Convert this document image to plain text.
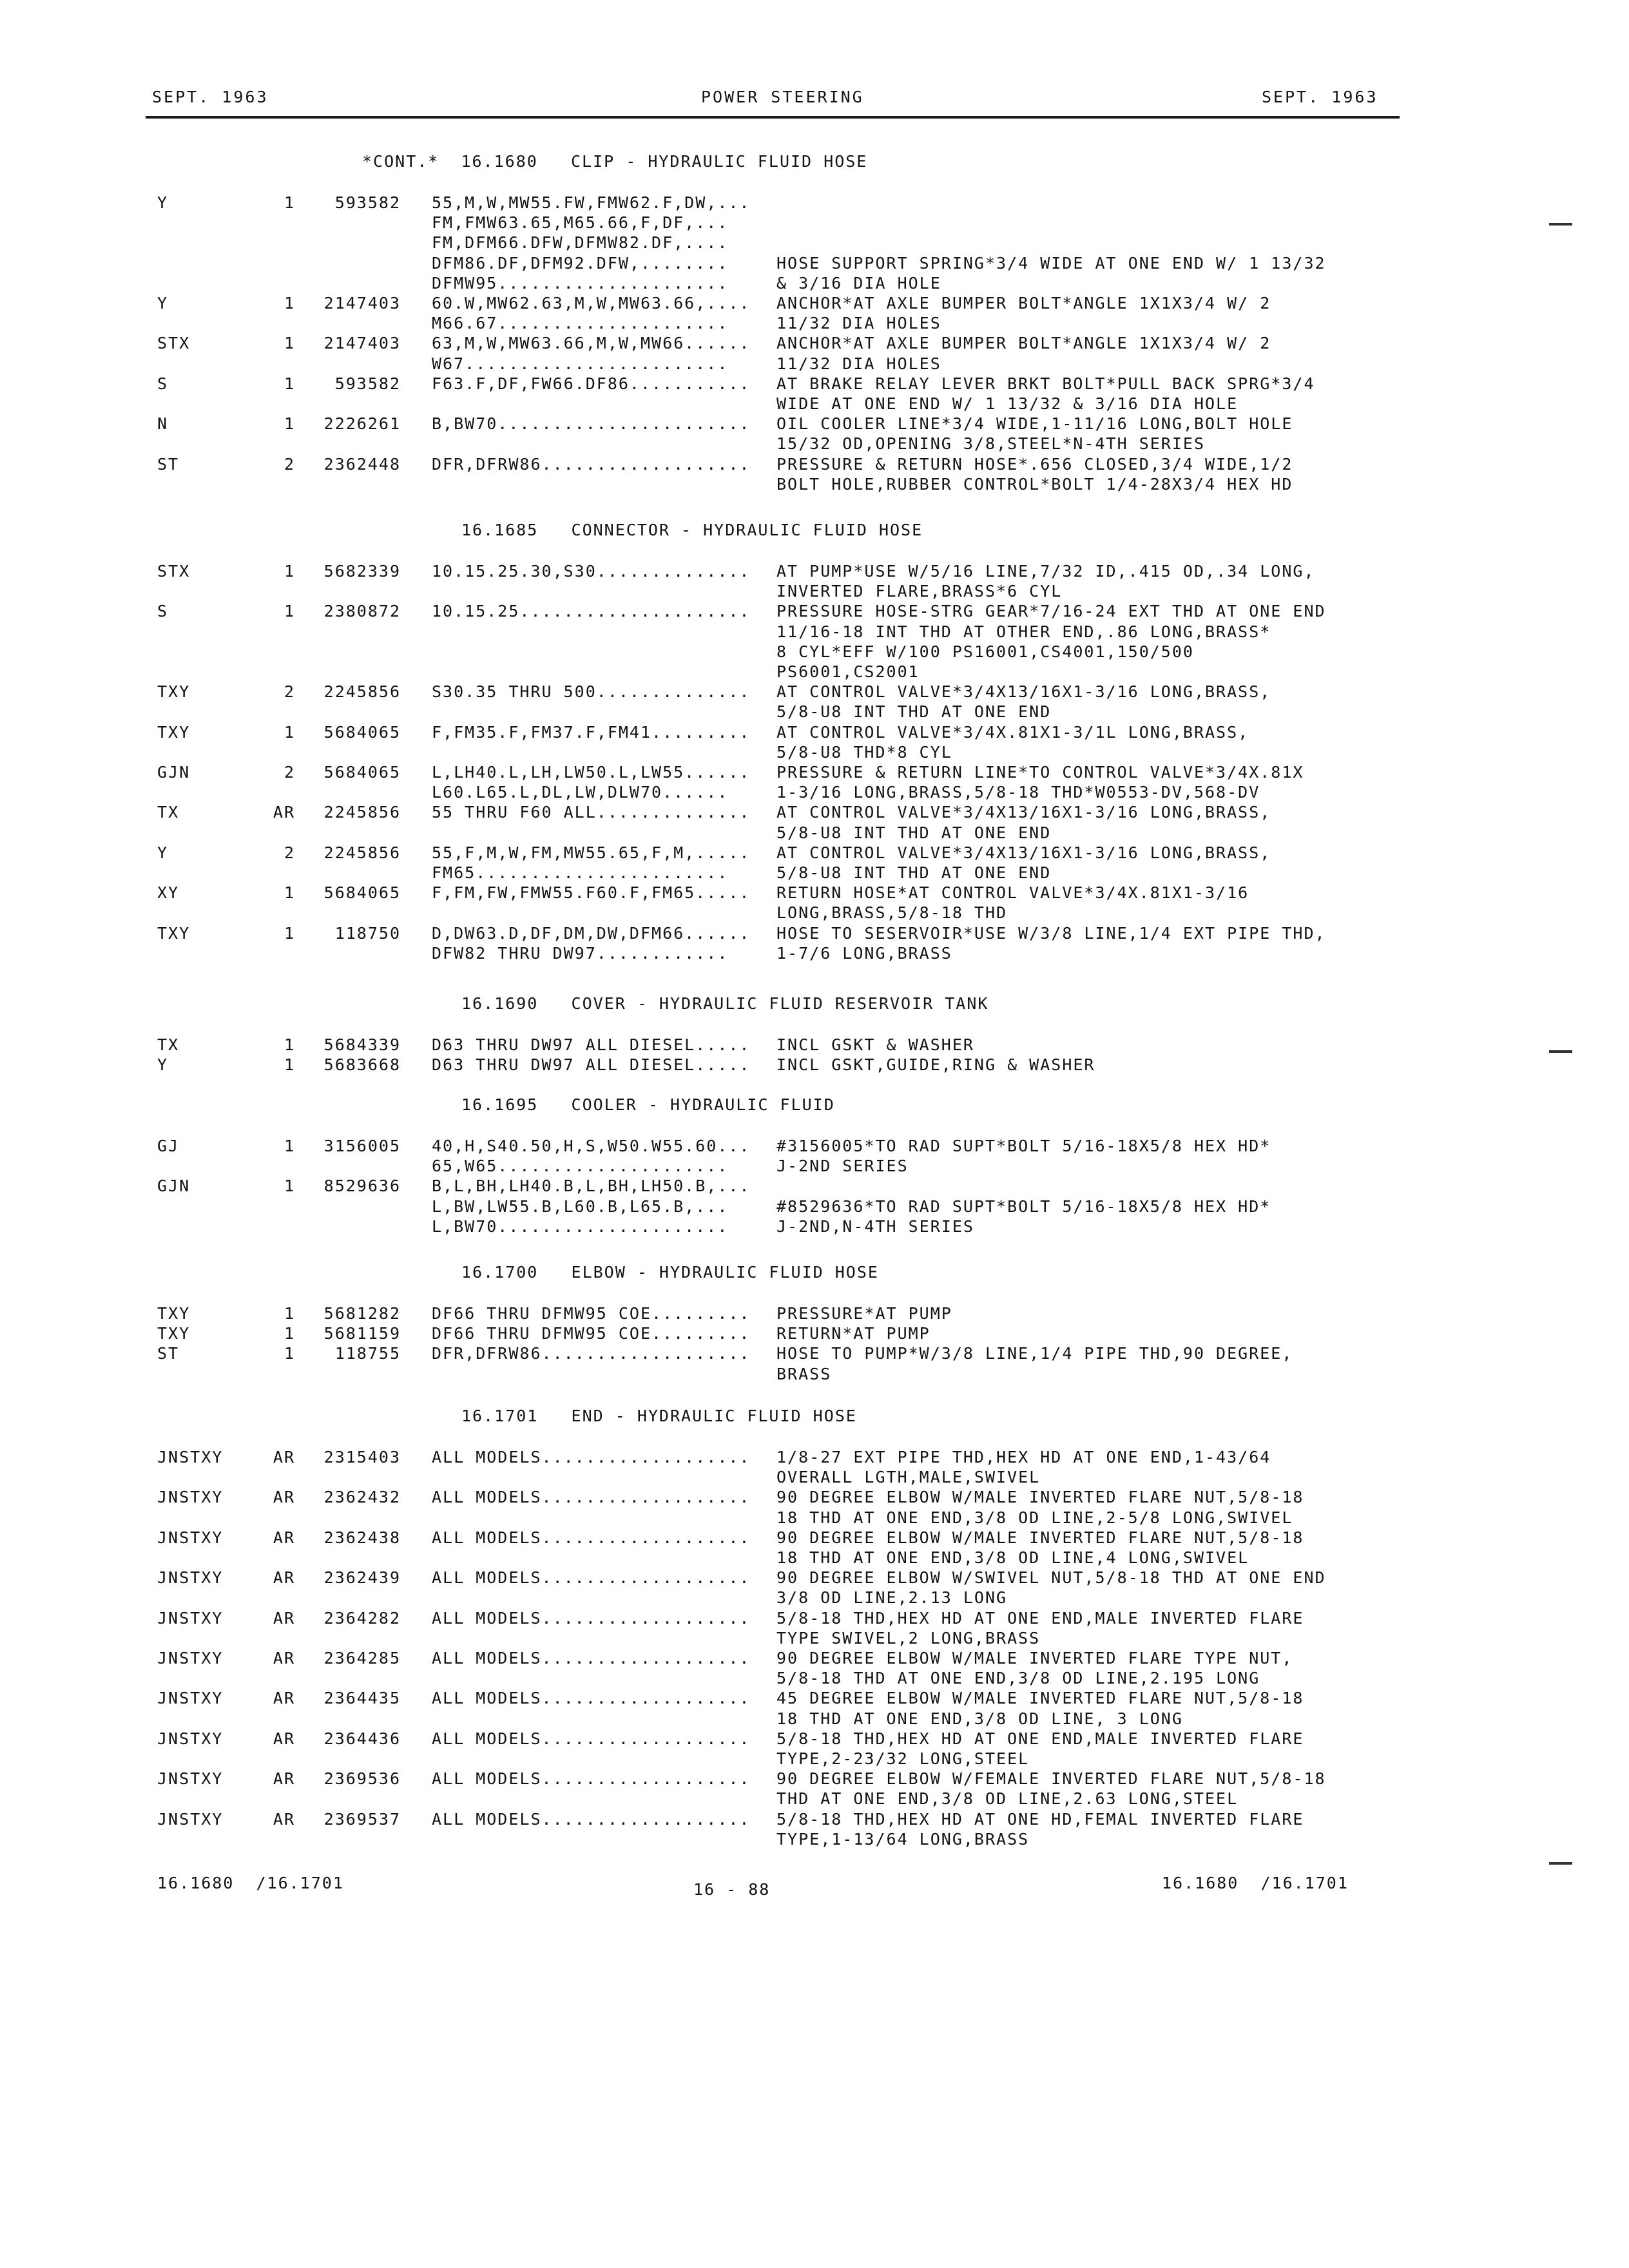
SEPT. 1963	POWER STEERING	SEPT. 1963
*CONT.*  16.1680   CLIP - HYDRAULIC FLUID HOSE
Y	1 593582 55,M,W,MW55.FW,FMW62.F,DW,...
FM,FMW63.65,M65.66,F,DF,...
FM,DFM66.DFW,DFMW82.DF,....
DFM86.DF,DFM92.DFW,........	HOSE SUPPORT SPRING*3/4 WIDE AT ONE END W/ 1 13/32
DFMW95.....................	& 3/16 DIA HOLE
Y	1 2147403 60.W,MW62.63,M,W,MW63.66,.... ANCHOR*AT AXLE BUMPER BOLT*ANGLE 1X1X3/4 W/ 2
M66.67.....................	11/32 DIA HOLES
STX	1 2147403 63,M,W,MW63.66,M,W,MW66...... ANCHOR*AT AXLE BUMPER BOLT*ANGLE 1X1X3/4 W/ 2
W67........................	11/32 DIA HOLES
S	1 593582 F63.F,DF,FW66.DF86........... AT BRAKE RELAY LEVER BRKT BOLT*PULL BACK SPRG*3/4
WIDE AT ONE END W/ 1 13/32 & 3/16 DIA HOLE
N	1 2226261 B,BW70....................... OIL COOLER LINE*3/4 WIDE,1-11/16 LONG,BOLT HOLE
15/32 OD,OPENING 3/8,STEEL*N-4TH SERIES
ST	2 2362448 DFR,DFRW86................... PRESSURE & RETURN HOSE*.656 CLOSED,3/4 WIDE,1/2
BOLT HOLE,RUBBER CONTROL*BOLT 1/4-28X3/4 HEX HD
16.1685   CONNECTOR - HYDRAULIC FLUID HOSE
STX	1 5682339 10.15.25.30,S30.............. AT PUMP*USE W/5/16 LINE,7/32 ID,.415 OD,.34 LONG,
INVERTED FLARE,BRASS*6 CYL
S	1 2380872 10.15.25..................... PRESSURE HOSE-STRG GEAR*7/16-24 EXT THD AT ONE END
11/16-18 INT THD AT OTHER END,.86 LONG,BRASS*
8 CYL*EFF W/100 PS16001,CS4001,150/500
PS6001,CS2001
TXY	2 2245856 S30.35 THRU 500.............. AT CONTROL VALVE*3/4X13/16X1-3/16 LONG,BRASS,
5/8-U8 INT THD AT ONE END
TXY	1 5684065 F,FM35.F,FM37.F,FM41......... AT CONTROL VALVE*3/4X.81X1-3/1L LONG,BRASS,
5/8-U8 THD*8 CYL
GJN	2 5684065 L,LH40.L,LH,LW50.L,LW55...... PRESSURE & RETURN LINE*TO CONTROL VALVE*3/4X.81X
L60.L65.L,DL,LW,DLW70......	1-3/16 LONG,BRASS,5/8-18 THD*W0553-DV,568-DV
TX	AR 2245856 55 THRU F60 ALL.............. AT CONTROL VALVE*3/4X13/16X1-3/16 LONG,BRASS,
5/8-U8 INT THD AT ONE END
Y	2 2245856 55,F,M,W,FM,MW55.65,F,M,..... AT CONTROL VALVE*3/4X13/16X1-3/16 LONG,BRASS,
FM65.......................	5/8-U8 INT THD AT ONE END
XY	1 5684065 F,FM,FW,FMW55.F60.F,FM65..... RETURN HOSE*AT CONTROL VALVE*3/4X.81X1-3/16
LONG,BRASS,5/8-18 THD
TXY	1 118750 D,DW63.D,DF,DM,DW,DFM66...... HOSE TO SESERVOIR*USE W/3/8 LINE,1/4 EXT PIPE THD,
DFW82 THRU DW97............	1-7/6 LONG,BRASS
16.1690   COVER - HYDRAULIC FLUID RESERVOIR TANK
TX	1 5684339 D63 THRU DW97 ALL DIESEL..... INCL GSKT & WASHER
Y	1 5683668 D63 THRU DW97 ALL DIESEL..... INCL GSKT,GUIDE,RING & WASHER
16.1695   COOLER - HYDRAULIC FLUID
GJ	1 3156005 40,H,S40.50,H,S,W50.W55.60... #3156005*TO RAD SUPT*BOLT 5/16-18X5/8 HEX HD*
65,W65.....................	J-2ND SERIES
GJN	1 8529636 B,L,BH,LH40.B,L,BH,LH50.B,...
L,BW,LW55.B,L60.B,L65.B,...	#8529636*TO RAD SUPT*BOLT 5/16-18X5/8 HEX HD*
L,BW70.....................	J-2ND,N-4TH SERIES
16.1700   ELBOW - HYDRAULIC FLUID HOSE
TXY	1 5681282 DF66 THRU DFMW95 COE......... PRESSURE*AT PUMP
TXY	1 5681159 DF66 THRU DFMW95 COE......... RETURN*AT PUMP
ST	1 118755 DFR,DFRW86................... HOSE TO PUMP*W/3/8 LINE,1/4 PIPE THD,90 DEGREE,
BRASS
16.1701   END - HYDRAULIC FLUID HOSE
JNSTXY	AR 2315403 ALL MODELS................... 1/8-27 EXT PIPE THD,HEX HD AT ONE END,1-43/64
OVERALL LGTH,MALE,SWIVEL
JNSTXY	AR 2362432 ALL MODELS................... 90 DEGREE ELBOW W/MALE INVERTED FLARE NUT,5/8-18
18 THD AT ONE END,3/8 OD LINE,2-5/8 LONG,SWIVEL
JNSTXY	AR 2362438 ALL MODELS................... 90 DEGREE ELBOW W/MALE INVERTED FLARE NUT,5/8-18
18 THD AT ONE END,3/8 OD LINE,4 LONG,SWIVEL
JNSTXY	AR 2362439 ALL MODELS................... 90 DEGREE ELBOW W/SWIVEL NUT,5/8-18 THD AT ONE END
3/8 OD LINE,2.13 LONG
JNSTXY	AR 2364282 ALL MODELS................... 5/8-18 THD,HEX HD AT ONE END,MALE INVERTED FLARE
TYPE SWIVEL,2 LONG,BRASS
JNSTXY	AR 2364285 ALL MODELS................... 90 DEGREE ELBOW W/MALE INVERTED FLARE TYPE NUT,
5/8-18 THD AT ONE END,3/8 OD LINE,2.195 LONG
JNSTXY	AR 2364435 ALL MODELS................... 45 DEGREE ELBOW W/MALE INVERTED FLARE NUT,5/8-18
18 THD AT ONE END,3/8 OD LINE, 3 LONG
JNSTXY	AR 2364436 ALL MODELS................... 5/8-18 THD,HEX HD AT ONE END,MALE INVERTED FLARE
TYPE,2-23/32 LONG,STEEL
JNSTXY	AR 2369536 ALL MODELS................... 90 DEGREE ELBOW W/FEMALE INVERTED FLARE NUT,5/8-18
THD AT ONE END,3/8 OD LINE,2.63 LONG,STEEL
JNSTXY	AR 2369537 ALL MODELS................... 5/8-18 THD,HEX HD AT ONE HD,FEMAL INVERTED FLARE
TYPE,1-13/64 LONG,BRASS
16.1680  /16.1701	16 - 88	16.1680  /16.1701
